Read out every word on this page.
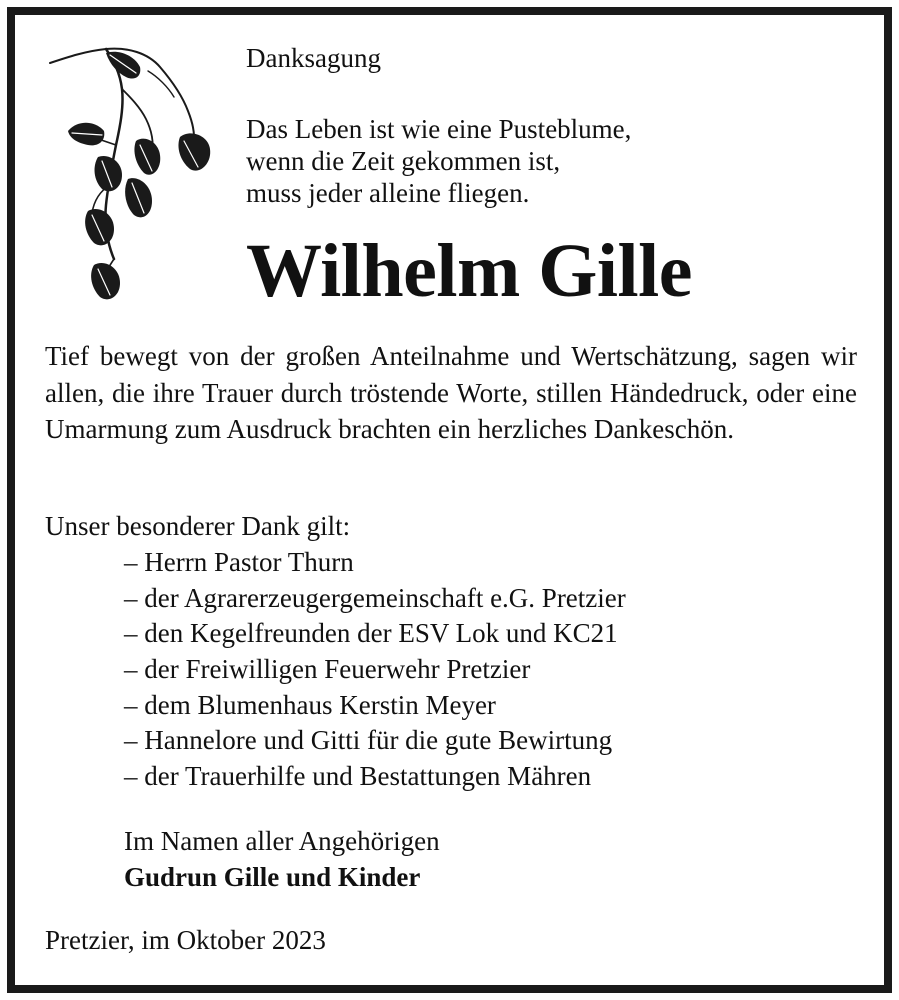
Danksagung
Das Leben ist wie eine Pusteblume,
wenn die Zeit gekommen ist,
muss jeder alleine fliegen.
Wilhelm Gille
Tief bewegt von der großen Anteilnahme und Wertschätzung, sagen wir allen, die ihre Trauer durch tröstende Worte, stillen Händedruck, oder eine Umarmung zum Ausdruck brachten ein herzliches Dankeschön.
Unser besonderer Dank gilt:
– Herrn Pastor Thurn
– der Agrarerzeugergemeinschaft e.G. Pretzier
– den Kegelfreunden der ESV Lok und KC21
– der Freiwilligen Feuerwehr Pretzier
– dem Blumenhaus Kerstin Meyer
– Hannelore und Gitti für die gute Bewirtung
– der Trauerhilfe und Bestattungen Mähren
Im Namen aller Angehörigen
Gudrun Gille und Kinder
Pretzier, im Oktober 2023
